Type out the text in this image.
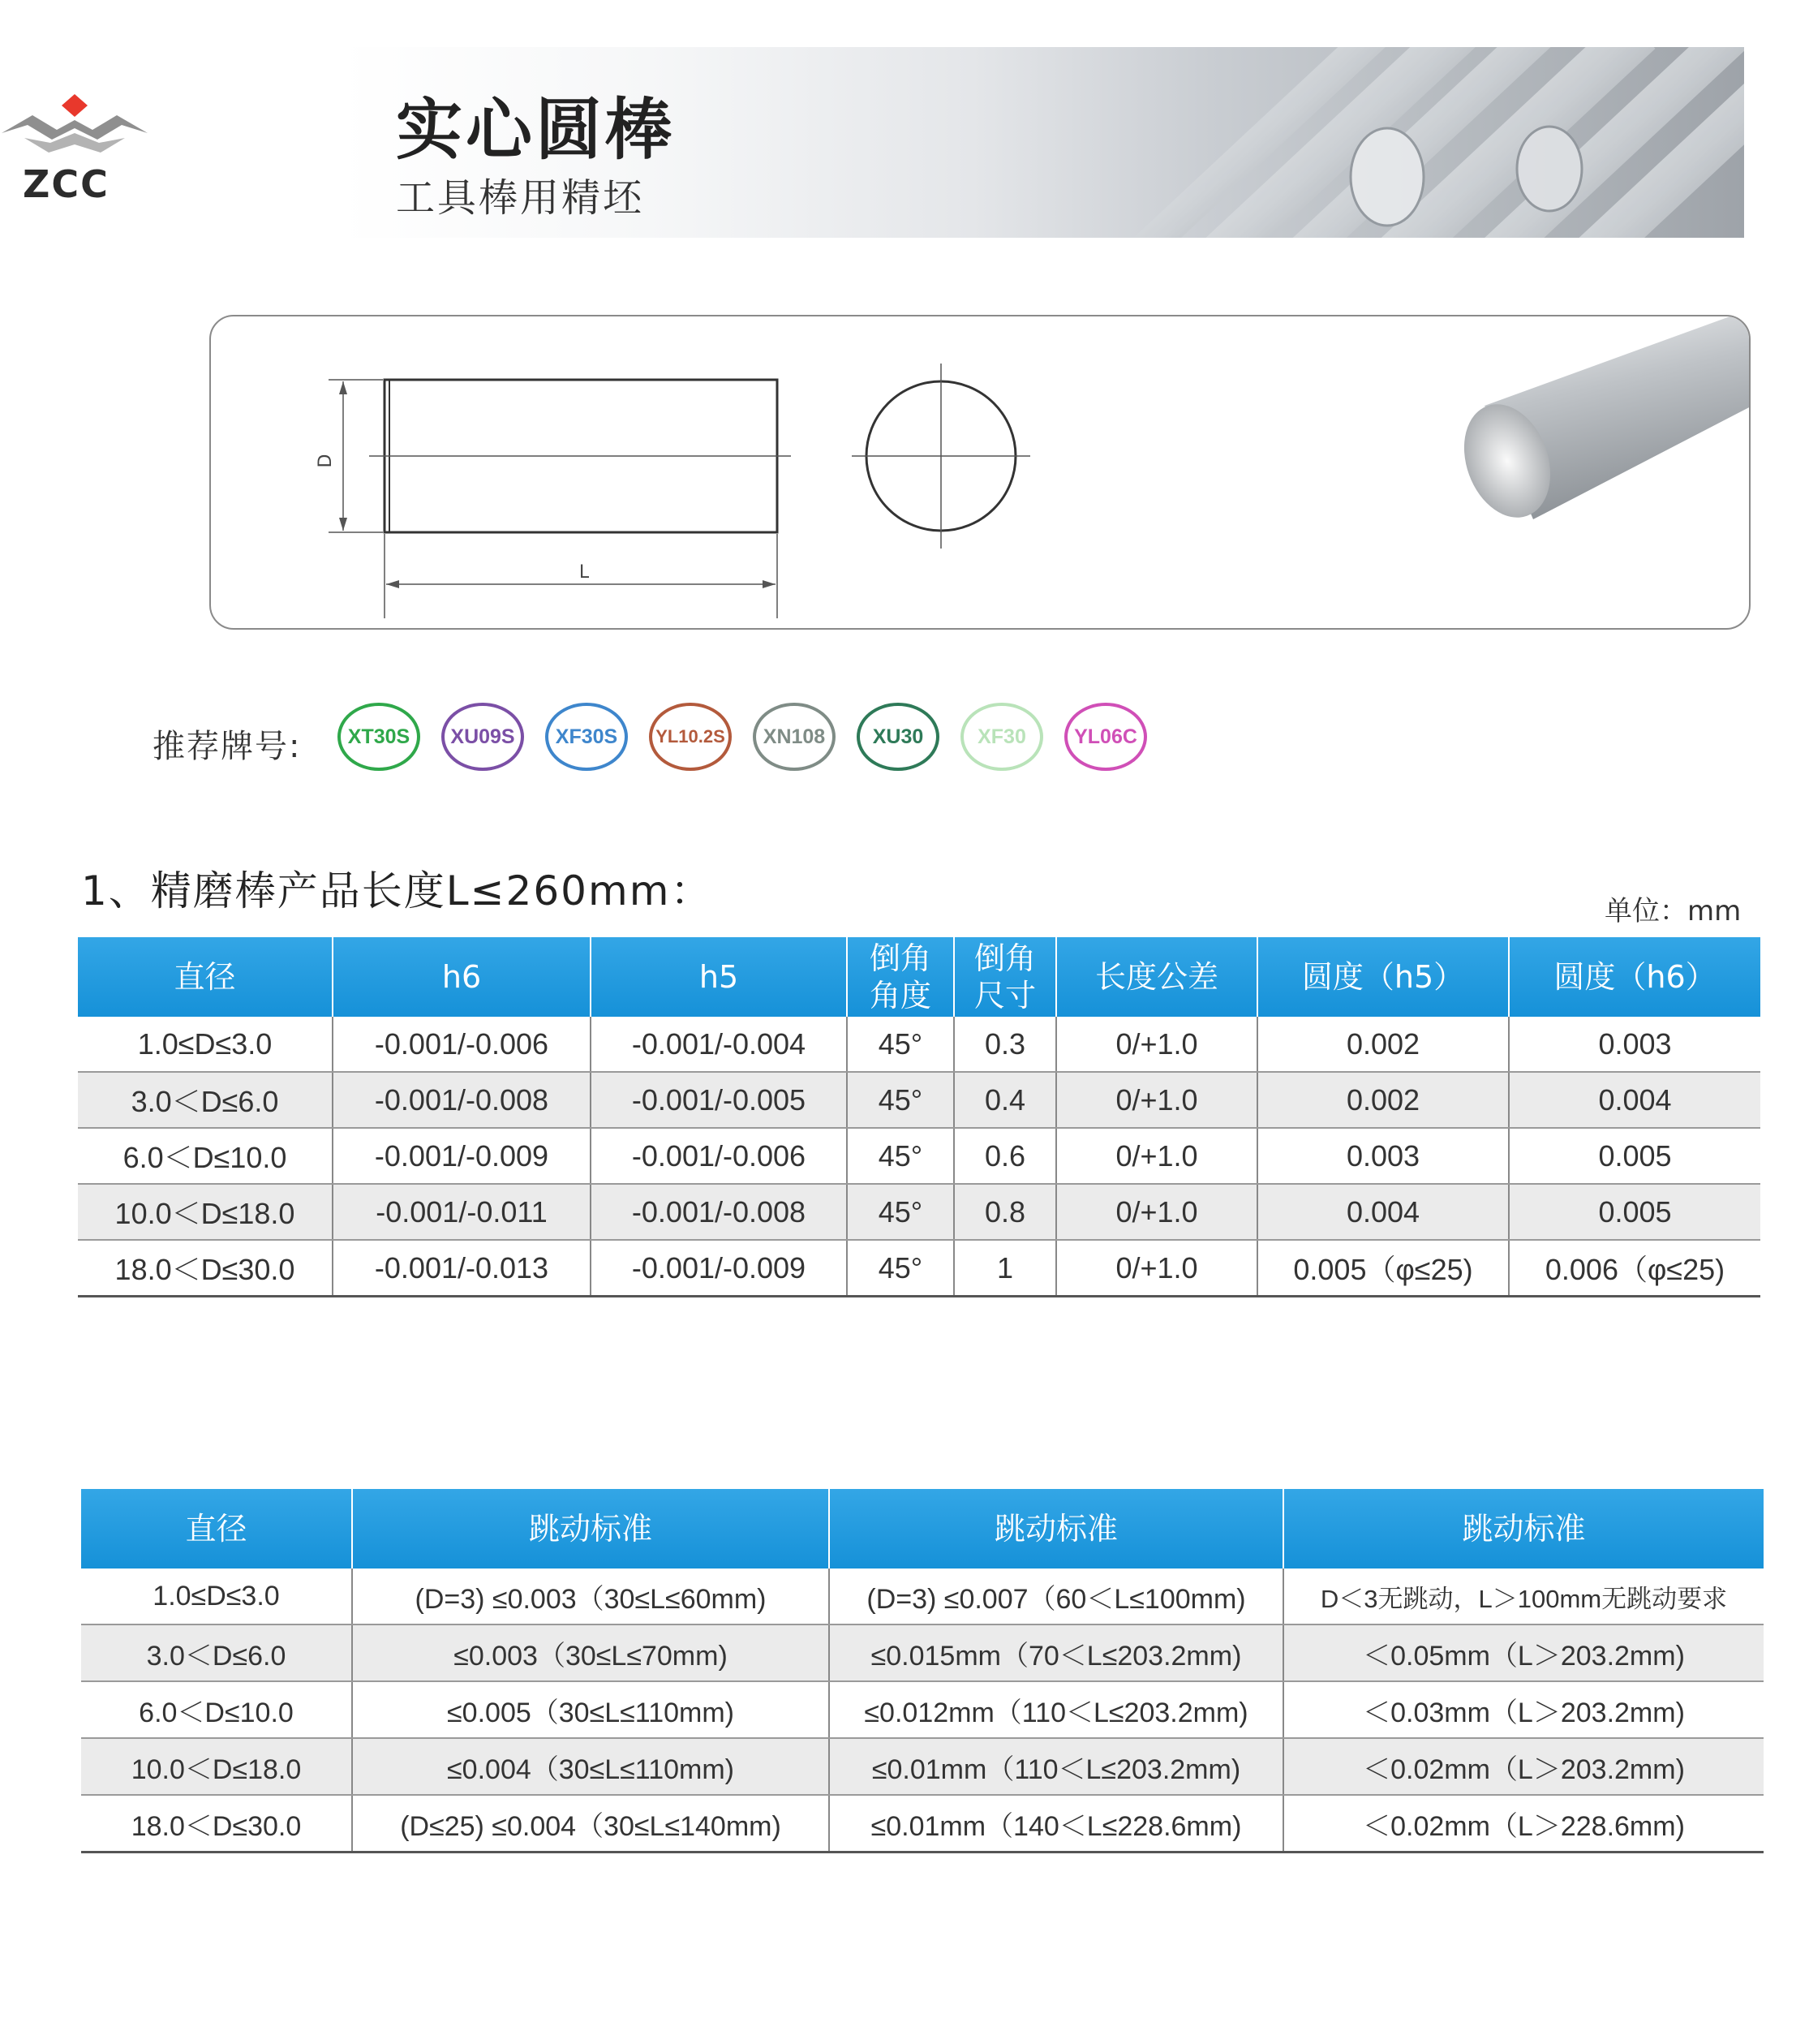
ZCC
实心圆棒
工具棒用精坯
D
L
推荐牌号: XT30S XU09S XF30S YL10.2S XN108 XU30	XF30 YL06C
1、精磨棒产品长度L≤260mm：	单位：mm
直径	h6	h5	倒角角度	倒角尺寸	长度公差	圆度（h5）	圆度（h6）
1.0≤D≤3.0	-0.001/-0.006	-0.001/-0.004	45°	0.3	0/+1.0	0.002	0.003
3.0＜D≤6.0	-0.001/-0.008	-0.001/-0.005	45°	0.4	0/+1.0	0.002	0.004
6.0＜D≤10.0	-0.001/-0.009	-0.001/-0.006	45°	0.6	0/+1.0	0.003	0.005
10.0＜D≤18.0	-0.001/-0.011	-0.001/-0.008	45°	0.8	0/+1.0	0.004	0.005
18.0＜D≤30.0	-0.001/-0.013	-0.001/-0.009	45°	1	0/+1.0	0.005（φ≤25)	0.006（φ≤25)
直径	跳动标准	跳动标准	跳动标准
1.0≤D≤3.0	(D=3) ≤0.003（30≤L≤60mm)	(D=3) ≤0.007（60＜L≤100mm)	D＜3无跳动，L＞100mm无跳动要求
3.0＜D≤6.0	≤0.003（30≤L≤70mm)	≤0.015mm（70＜L≤203.2mm)	＜0.05mm（L＞203.2mm)
6.0＜D≤10.0	≤0.005（30≤L≤110mm)	≤0.012mm（110＜L≤203.2mm)	＜0.03mm（L＞203.2mm)
10.0＜D≤18.0	≤0.004（30≤L≤110mm)	≤0.01mm（110＜L≤203.2mm)	＜0.02mm（L＞203.2mm)
18.0＜D≤30.0	(D≤25) ≤0.004（30≤L≤140mm)	≤0.01mm（140＜L≤228.6mm)	＜0.02mm（L＞228.6mm)
